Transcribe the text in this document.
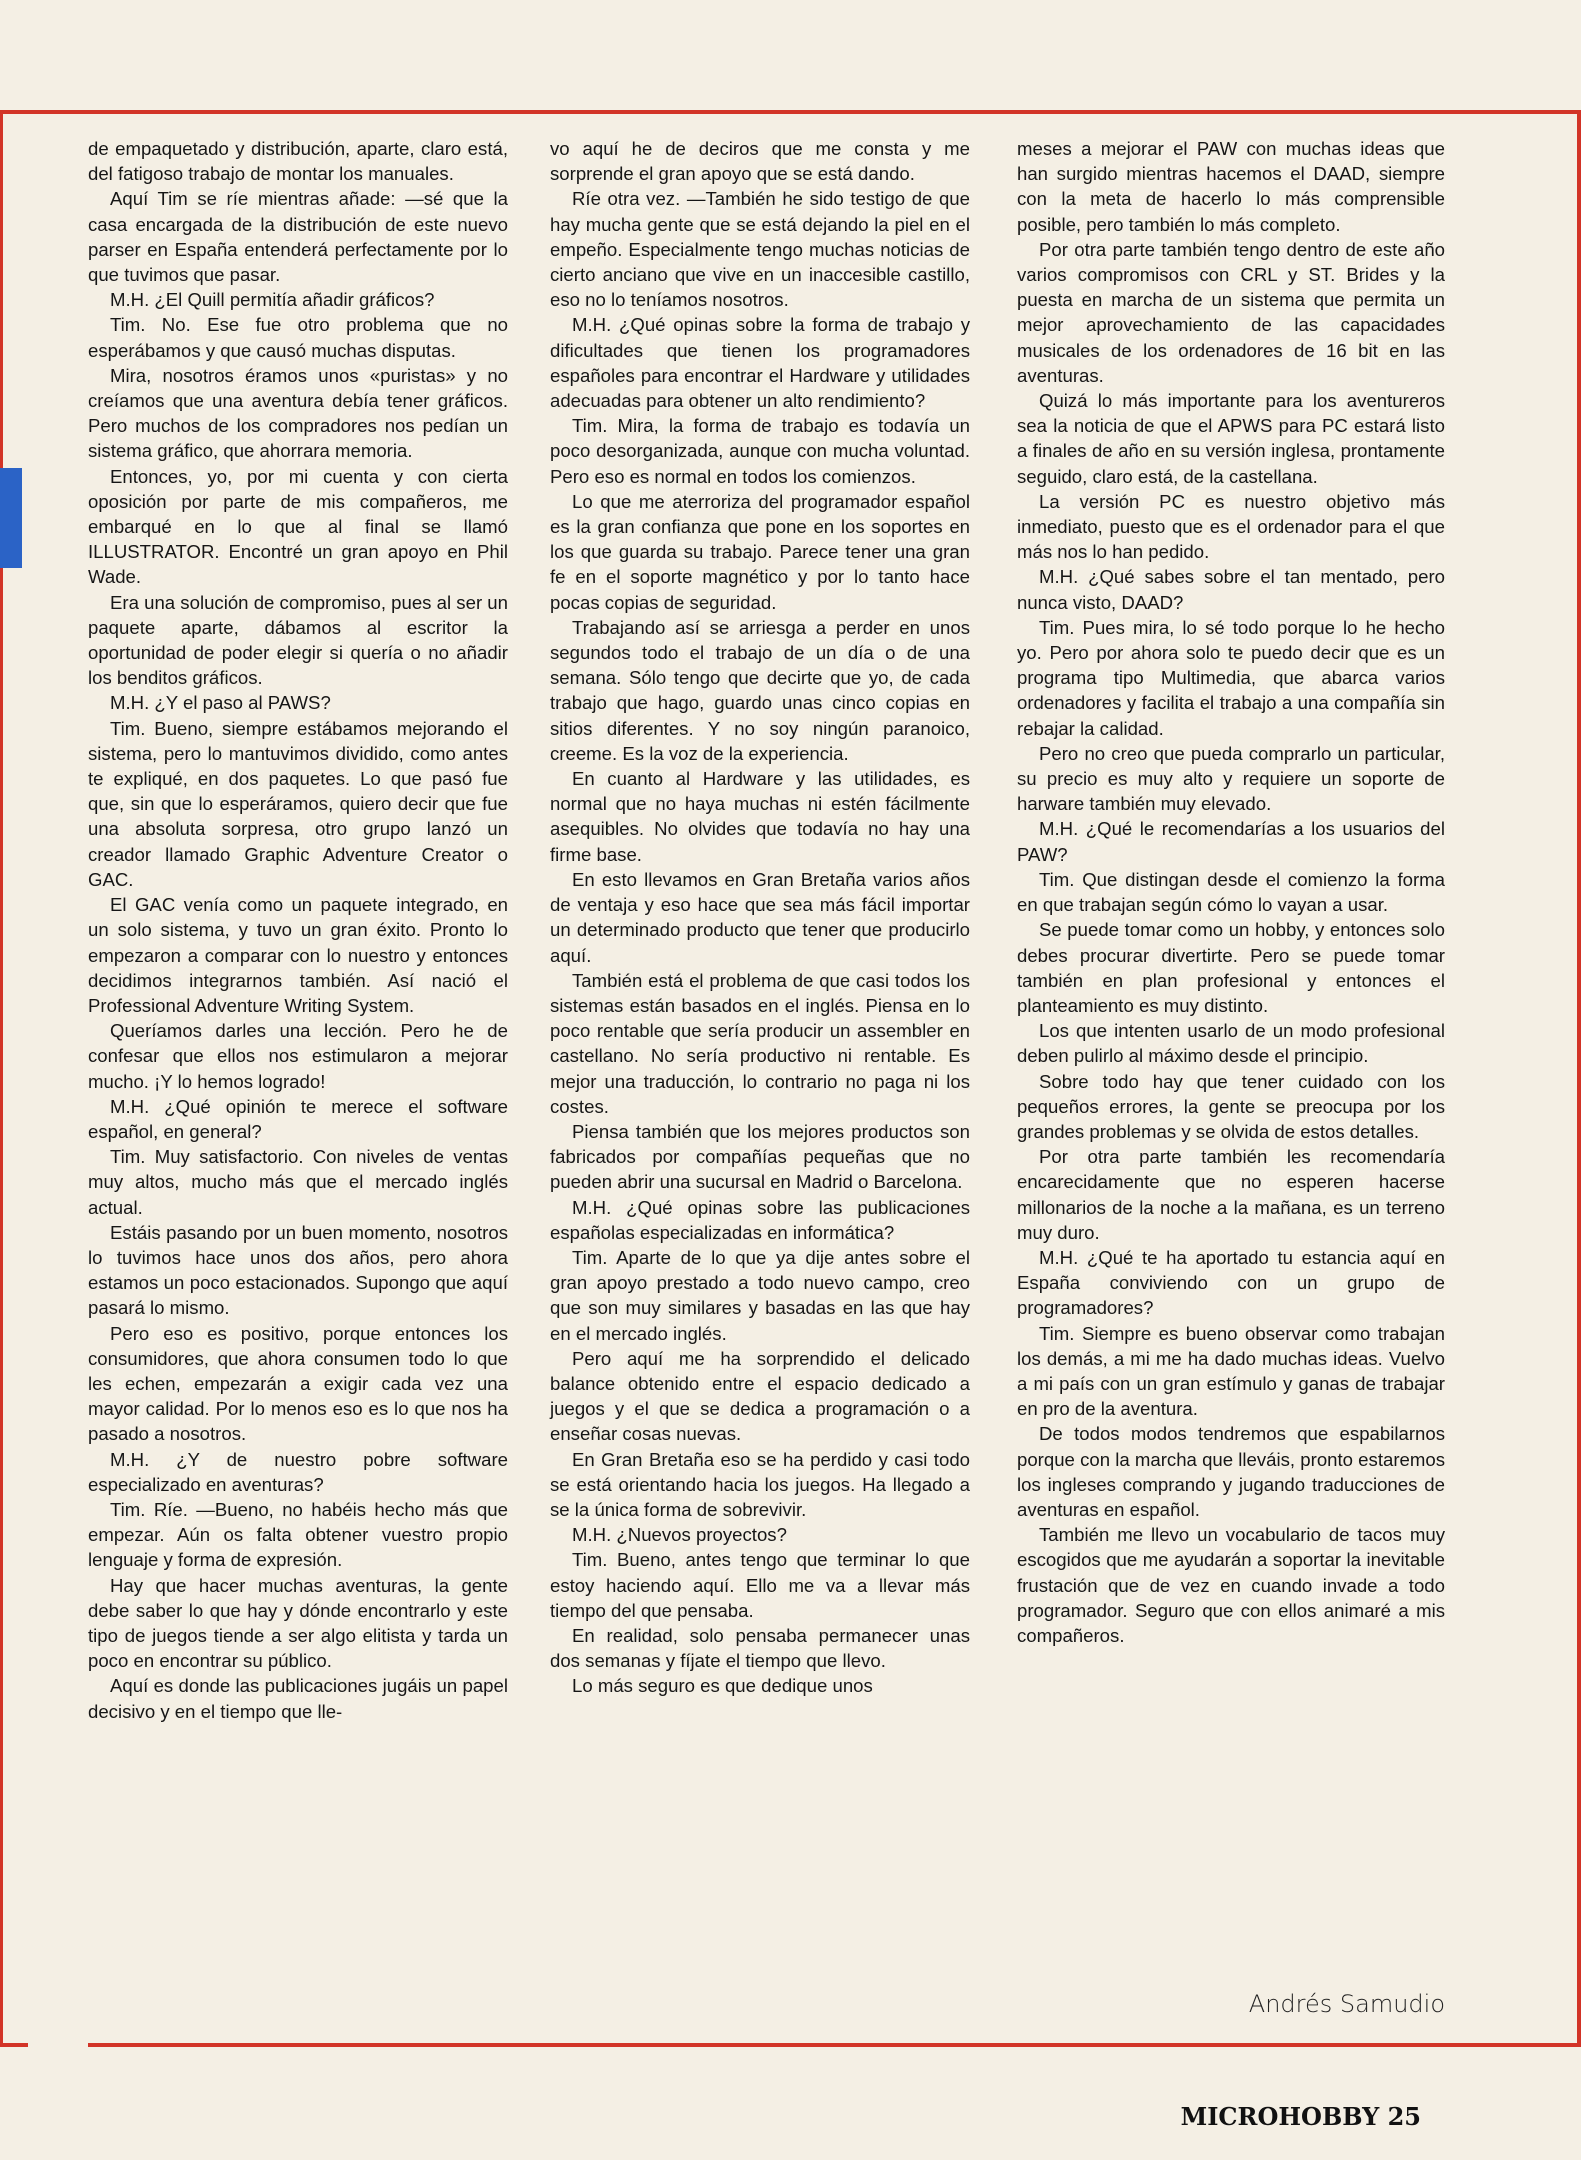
de empaquetado y distribución, aparte, claro está, del fatigoso trabajo de montar los manuales.

Aquí Tim se ríe mientras añade: —sé que la casa encargada de la distribución de este nuevo parser en España entenderá perfectamente por lo que tuvimos que pasar.

M.H. ¿El Quill permitía añadir gráficos?

Tim. No. Ese fue otro problema que no esperábamos y que causó muchas disputas.

Mira, nosotros éramos unos «puristas» y no creíamos que una aventura debía tener gráficos. Pero muchos de los compradores nos pedían un sistema gráfico, que ahorrara memoria.

Entonces, yo, por mi cuenta y con cierta oposición por parte de mis compañeros, me embarqué en lo que al final se llamó ILLUSTRATOR. Encontré un gran apoyo en Phil Wade.

Era una solución de compromiso, pues al ser un paquete aparte, dábamos al escritor la oportunidad de poder elegir si quería o no añadir los benditos gráficos.

M.H. ¿Y el paso al PAWS?

Tim. Bueno, siempre estábamos mejorando el sistema, pero lo mantuvimos dividido, como antes te expliqué, en dos paquetes. Lo que pasó fue que, sin que lo esperáramos, quiero decir que fue una absoluta sorpresa, otro grupo lanzó un creador llamado Graphic Adventure Creator o GAC.

El GAC venía como un paquete integrado, en un solo sistema, y tuvo un gran éxito. Pronto lo empezaron a comparar con lo nuestro y entonces decidimos integrarnos también. Así nació el Professional Adventure Writing System.

Queríamos darles una lección. Pero he de confesar que ellos nos estimularon a mejorar mucho. ¡Y lo hemos logrado!

M.H. ¿Qué opinión te merece el software español, en general?

Tim. Muy satisfactorio. Con niveles de ventas muy altos, mucho más que el mercado inglés actual.

Estáis pasando por un buen momento, nosotros lo tuvimos hace unos dos años, pero ahora estamos un poco estacionados. Supongo que aquí pasará lo mismo.

Pero eso es positivo, porque entonces los consumidores, que ahora consumen todo lo que les echen, empezarán a exigir cada vez una mayor calidad. Por lo menos eso es lo que nos ha pasado a nosotros.

M.H. ¿Y de nuestro pobre software especializado en aventuras?

Tim. Ríe. —Bueno, no habéis hecho más que empezar. Aún os falta obtener vuestro propio lenguaje y forma de expresión.

Hay que hacer muchas aventuras, la gente debe saber lo que hay y dónde encontrarlo y este tipo de juegos tiende a ser algo elitista y tarda un poco en encontrar su público.

Aquí es donde las publicaciones jugáis un papel decisivo y en el tiempo que lle-

vo aquí he de deciros que me consta y me sorprende el gran apoyo que se está dando.

Ríe otra vez. —También he sido testigo de que hay mucha gente que se está dejando la piel en el empeño. Especialmente tengo muchas noticias de cierto anciano que vive en un inaccesible castillo, eso no lo teníamos nosotros.

M.H. ¿Qué opinas sobre la forma de trabajo y dificultades que tienen los programadores españoles para encontrar el Hardware y utilidades adecuadas para obtener un alto rendimiento?

Tim. Mira, la forma de trabajo es todavía un poco desorganizada, aunque con mucha voluntad. Pero eso es normal en todos los comienzos.

Lo que me aterroriza del programador español es la gran confianza que pone en los soportes en los que guarda su trabajo. Parece tener una gran fe en el soporte magnético y por lo tanto hace pocas copias de seguridad.

Trabajando así se arriesga a perder en unos segundos todo el trabajo de un día o de una semana. Sólo tengo que decirte que yo, de cada trabajo que hago, guardo unas cinco copias en sitios diferentes. Y no soy ningún paranoico, creeme. Es la voz de la experiencia.

En cuanto al Hardware y las utilidades, es normal que no haya muchas ni estén fácilmente asequibles. No olvides que todavía no hay una firme base.

En esto llevamos en Gran Bretaña varios años de ventaja y eso hace que sea más fácil importar un determinado producto que tener que producirlo aquí.

También está el problema de que casi todos los sistemas están basados en el inglés. Piensa en lo poco rentable que sería producir un assembler en castellano. No sería productivo ni rentable. Es mejor una traducción, lo contrario no paga ni los costes.

Piensa también que los mejores productos son fabricados por compañías pequeñas que no pueden abrir una sucursal en Madrid o Barcelona.

M.H. ¿Qué opinas sobre las publicaciones españolas especializadas en informática?

Tim. Aparte de lo que ya dije antes sobre el gran apoyo prestado a todo nuevo campo, creo que son muy similares y basadas en las que hay en el mercado inglés.

Pero aquí me ha sorprendido el delicado balance obtenido entre el espacio dedicado a juegos y el que se dedica a programación o a enseñar cosas nuevas.

En Gran Bretaña eso se ha perdido y casi todo se está orientando hacia los juegos. Ha llegado a se la única forma de sobrevivir.

M.H. ¿Nuevos proyectos?

Tim. Bueno, antes tengo que terminar lo que estoy haciendo aquí. Ello me va a llevar más tiempo del que pensaba.

En realidad, solo pensaba permanecer unas dos semanas y fíjate el tiempo que llevo.

Lo más seguro es que dedique unos

meses a mejorar el PAW con muchas ideas que han surgido mientras hacemos el DAAD, siempre con la meta de hacerlo lo más comprensible posible, pero también lo más completo.

Por otra parte también tengo dentro de este año varios compromisos con CRL y ST. Brides y la puesta en marcha de un sistema que permita un mejor aprovechamiento de las capacidades musicales de los ordenadores de 16 bit en las aventuras.

Quizá lo más importante para los aventureros sea la noticia de que el APWS para PC estará listo a finales de año en su versión inglesa, prontamente seguido, claro está, de la castellana.

La versión PC es nuestro objetivo más inmediato, puesto que es el ordenador para el que más nos lo han pedido.

M.H. ¿Qué sabes sobre el tan mentado, pero nunca visto, DAAD?

Tim. Pues mira, lo sé todo porque lo he hecho yo. Pero por ahora solo te puedo decir que es un programa tipo Multimedia, que abarca varios ordenadores y facilita el trabajo a una compañía sin rebajar la calidad.

Pero no creo que pueda comprarlo un particular, su precio es muy alto y requiere un soporte de harware también muy elevado.

M.H. ¿Qué le recomendarías a los usuarios del PAW?

Tim. Que distingan desde el comienzo la forma en que trabajan según cómo lo vayan a usar.

Se puede tomar como un hobby, y entonces solo debes procurar divertirte. Pero se puede tomar también en plan profesional y entonces el planteamiento es muy distinto.

Los que intenten usarlo de un modo profesional deben pulirlo al máximo desde el principio.

Sobre todo hay que tener cuidado con los pequeños errores, la gente se preocupa por los grandes problemas y se olvida de estos detalles.

Por otra parte también les recomendaría encarecidamente que no esperen hacerse millonarios de la noche a la mañana, es un terreno muy duro.

M.H. ¿Qué te ha aportado tu estancia aquí en España conviviendo con un grupo de programadores?

Tim. Siempre es bueno observar como trabajan los demás, a mi me ha dado muchas ideas. Vuelvo a mi país con un gran estímulo y ganas de trabajar en pro de la aventura.

De todos modos tendremos que espabilarnos porque con la marcha que lleváis, pronto estaremos los ingleses comprando y jugando traducciones de aventuras en español.

También me llevo un vocabulario de tacos muy escogidos que me ayudarán a soportar la inevitable frustación que de vez en cuando invade a todo programador. Seguro que con ellos animaré a mis compañeros.

Andrés Samudio
MICROHOBBY 25
